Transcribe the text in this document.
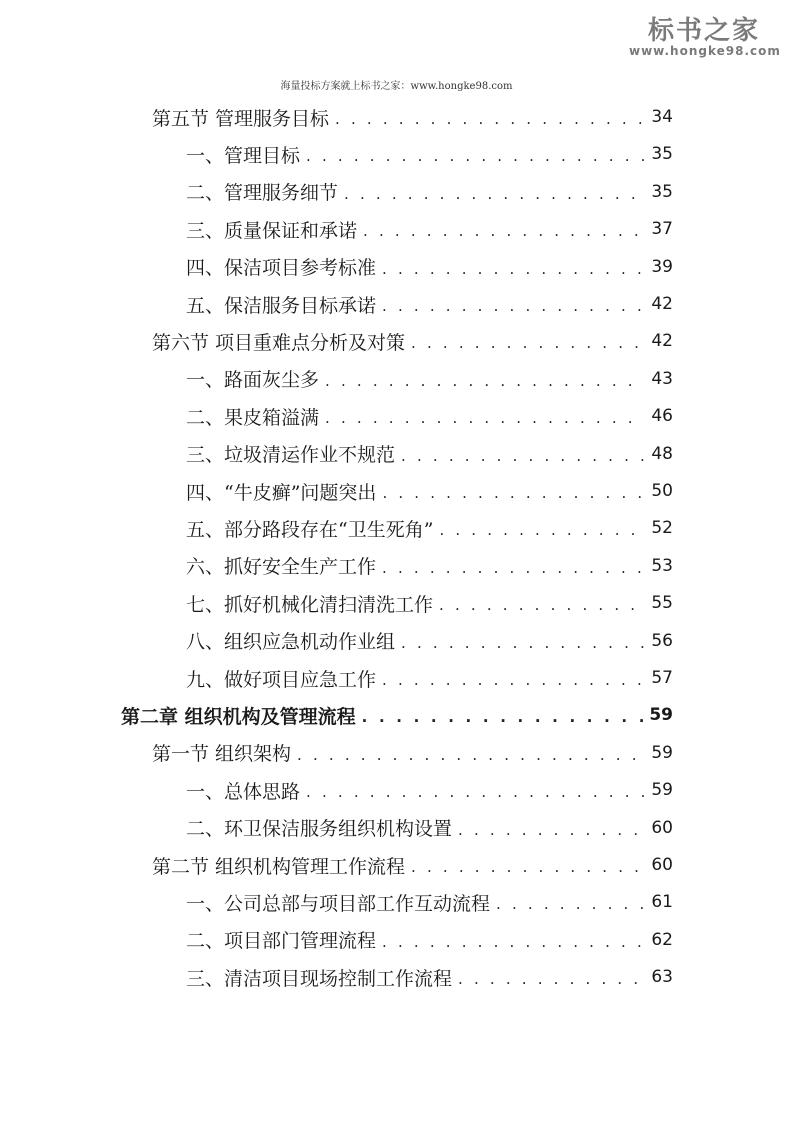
标书之家
www.hongke98.com
海量投标方案就上标书之家：www.hongke98.com
第五节 管理服务目标 . . .	34
一、管理目标 . . .	35
二、管理服务细节 . . .	35
三、质量保证和承诺 . . .	37
四、保洁项目参考标准 . . .	39
五、保洁服务目标承诺 . . .	42
第六节 项目重难点分析及对策 . . .	42
一、路面灰尘多 . . .	43
二、果皮箱溢满 . . .	46
三、垃圾清运作业不规范 . . .	48
四、“牛皮癣”问题突出 . . .	50
五、部分路段存在“卫生死角” . . .	52
六、抓好安全生产工作 . . .	53
七、抓好机械化清扫清洗工作 . . .	55
八、组织应急机动作业组 . . .	56
九、做好项目应急工作 . . .	57
第二章 组织机构及管理流程 . . .	59
第一节 组织架构 . . .	59
一、总体思路 . . .	59
二、环卫保洁服务组织机构设置 . . .	60
第二节 组织机构管理工作流程 . . .	60
一、公司总部与项目部工作互动流程 . . .	61
二、项目部门管理流程 . . .	62
三、清洁项目现场控制工作流程 . . .	63
